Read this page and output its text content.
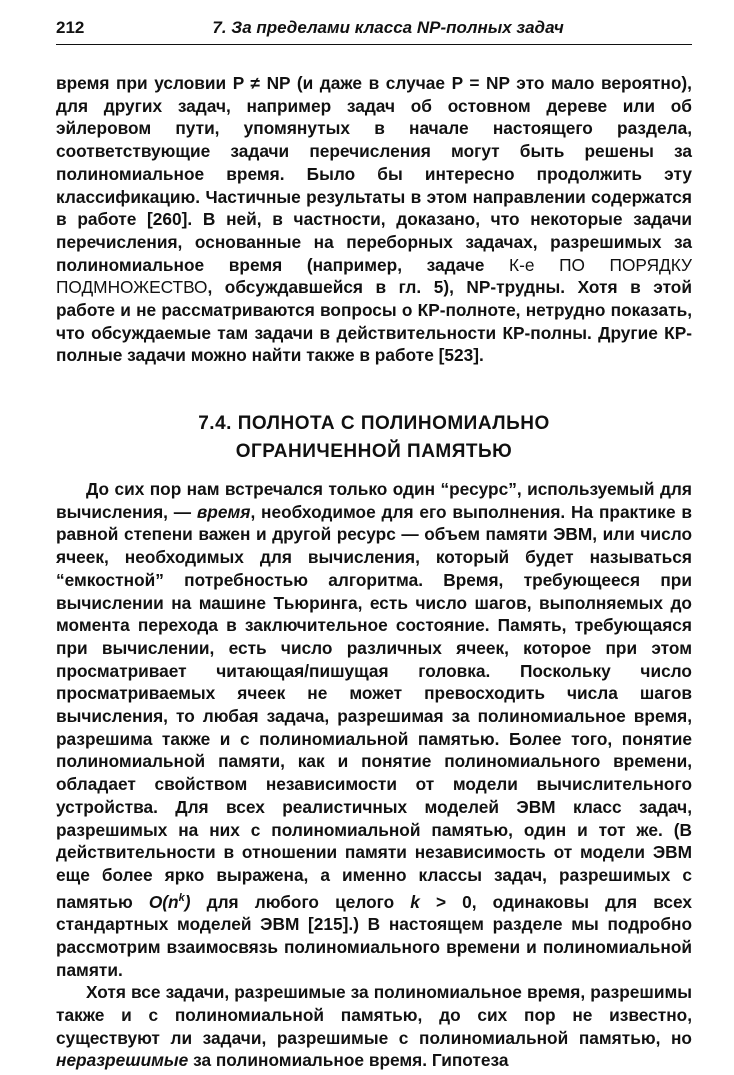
212	7. За пределами класса NP-полных задач

время при условии P ≠ NP (и даже в случае P = NP это мало вероятно), для других задач, например задач об остовном дереве или об эйлеровом пути, упомянутых в начале настоящего раздела, соответствующие задачи перечисления могут быть решены за полиномиальное время. Было бы интересно продолжить эту классификацию. Частичные результаты в этом направлении содержатся в работе [260]. В ней, в частности, доказано, что некоторые задачи перечисления, основанные на переборных задачах, разрешимых за полиномиальное время (например, задаче К-е ПО ПОРЯДКУ ПОДМНОЖЕСТВО, обсуждавшейся в гл. 5), NP-трудны. Хотя в этой работе и не рассматриваются вопросы о КР-полноте, нетрудно показать, что обсуждаемые там задачи в действительности КР-полны. Другие КР-полные задачи можно найти также в работе [523].

7.4. ПОЛНОТА С ПОЛИНОМИАЛЬНО
ОГРАНИЧЕННОЙ ПАМЯТЬЮ

До сих пор нам встречался только один “ресурс”, используемый для вычисления, — время, необходимое для его выполнения. На практике в равной степени важен и другой ресурс — объем памяти ЭВМ, или число ячеек, необходимых для вычисления, который будет называться “емкостной” потребностью алгоритма. Время, требующееся при вычислении на машине Тьюринга, есть число шагов, выполняемых до момента перехода в заключительное состояние. Память, требующаяся при вычислении, есть число различных ячеек, которое при этом просматривает читающая/пишущая головка. Поскольку число просматриваемых ячеек не может превосходить числа шагов вычисления, то любая задача, разрешимая за полиномиальное время, разрешима также и с полиномиальной памятью. Более того, понятие полиномиальной памяти, как и понятие полиномиального времени, обладает свойством независимости от модели вычислительного устройства. Для всех реалистичных моделей ЭВМ класс задач, разрешимых на них с полиномиальной памятью, один и тот же. (В действительности в отношении памяти независимость от модели ЭВМ еще более ярко выражена, а именно классы задач, разрешимых с памятью $O(n^k)$ для любого целого k > 0, одинаковы для всех стандартных моделей ЭВМ [215].) В настоящем разделе мы подробно рассмотрим взаимосвязь полиномиального времени и полиномиальной памяти.

Хотя все задачи, разрешимые за полиномиальное время, разрешимы также и с полиномиальной памятью, до сих пор не известно, существуют ли задачи, разрешимые с полиномиальной памятью, но неразрешимые за полиномиальное время. Гипотеза
